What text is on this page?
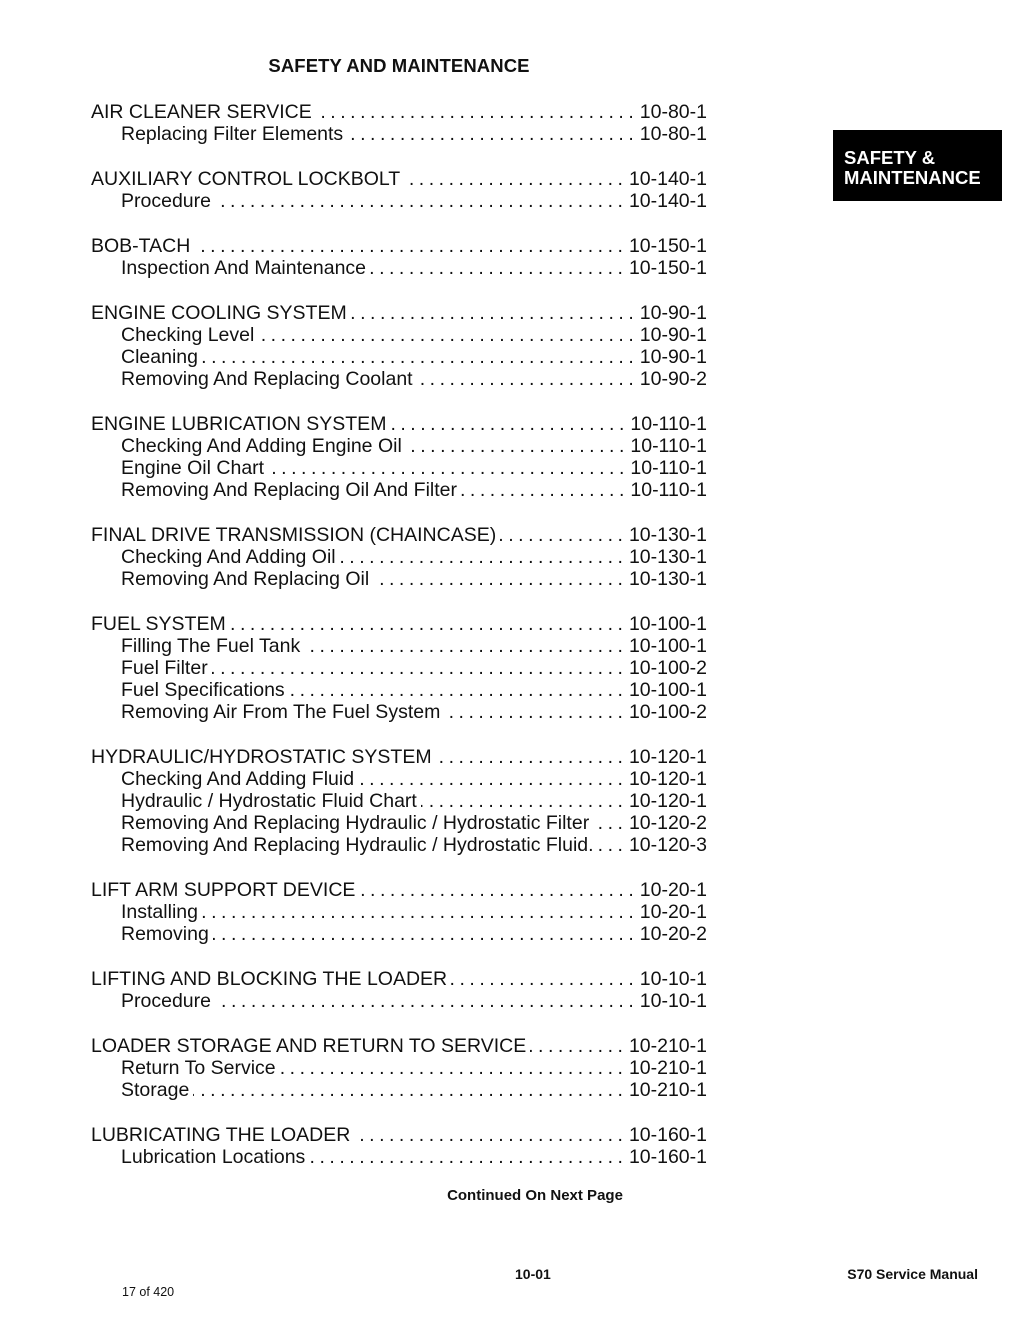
SAFETY AND MAINTENANCE
SAFETY &
MAINTENANCE
AIR CLEANER SERVICE . . .	10-80-1
Replacing Filter Elements . . .	10-80-1
AUXILIARY CONTROL LOCKBOLT . . .	10-140-1
Procedure . . .	10-140-1
BOB-TACH . . .	10-150-1
Inspection And Maintenance . . .	10-150-1
ENGINE COOLING SYSTEM . . .	10-90-1
Checking Level . . .	10-90-1
Cleaning . . .	10-90-1
Removing And Replacing Coolant . . .	10-90-2
ENGINE LUBRICATION SYSTEM . . .	10-110-1
Checking And Adding Engine Oil . . .	10-110-1
Engine Oil Chart . . .	10-110-1
Removing And Replacing Oil And Filter . . .	10-110-1
FINAL DRIVE TRANSMISSION (CHAINCASE) . . .	10-130-1
Checking And Adding Oil . . .	10-130-1
Removing And Replacing Oil . . .	10-130-1
FUEL SYSTEM . . .	10-100-1
Filling The Fuel Tank . . .	10-100-1
Fuel Filter . . .	10-100-2
Fuel Specifications . . .	10-100-1
Removing Air From The Fuel System . . .	10-100-2
HYDRAULIC/HYDROSTATIC SYSTEM . . .	10-120-1
Checking And Adding Fluid . . .	10-120-1
Hydraulic / Hydrostatic Fluid Chart . . .	10-120-1
Removing And Replacing Hydraulic / Hydrostatic Filter . . .	10-120-2
Removing And Replacing Hydraulic / Hydrostatic Fluid. . . .	10-120-3
LIFT ARM SUPPORT DEVICE . . .	10-20-1
Installing . . .	10-20-1
Removing . . .	10-20-2
LIFTING AND BLOCKING THE LOADER . . .	10-10-1
Procedure . . .	10-10-1
LOADER STORAGE AND RETURN TO SERVICE . . .	10-210-1
Return To Service . . .	10-210-1
Storage . . .	10-210-1
LUBRICATING THE LOADER . . .	10-160-1
Lubrication Locations . . .	10-160-1
Continued On Next Page
10-01	S70 Service Manual
17 of 420
